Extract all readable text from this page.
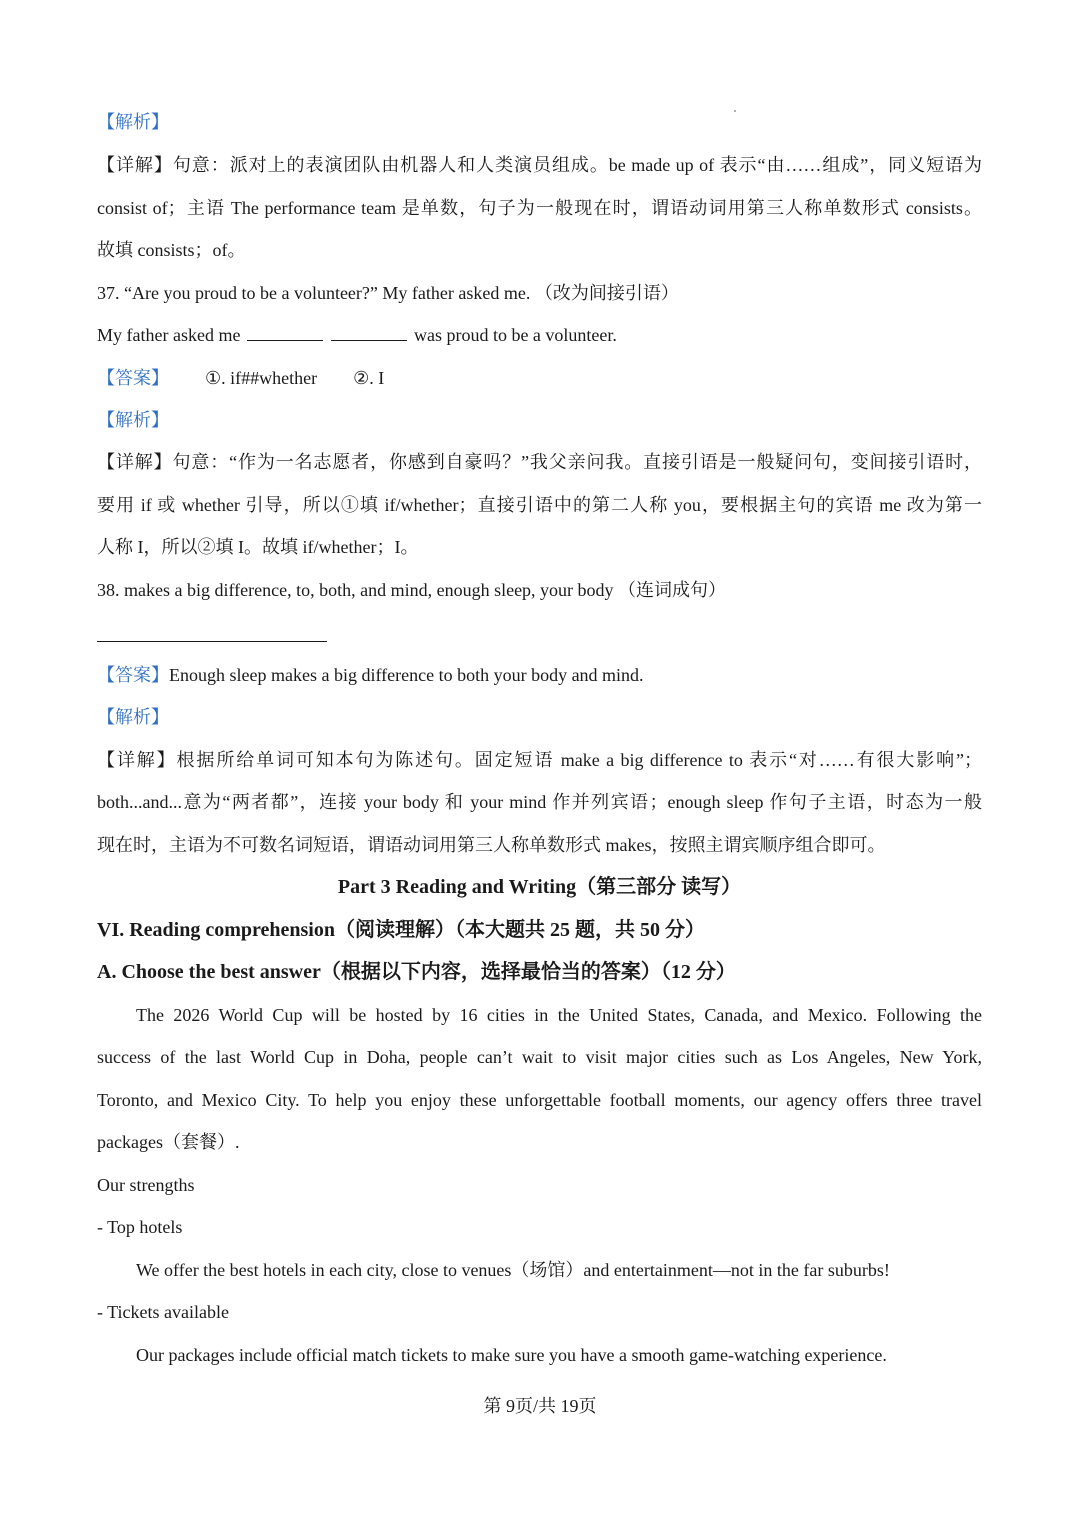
【解析】
【详解】句意：派对上的表演团队由机器人和人类演员组成。be made up of 表示“由……组成”，同义短语为
consist of；主语 The performance team 是单数，句子为一般现在时，谓语动词用第三人称单数形式 consists。
故填 consists；of。
37. “Are you proud to be a volunteer?” My father asked me. （改为间接引语）
My father asked me	was proud to be a volunteer.
【答案】 ①. if##whether ②. I
【解析】
【详解】句意：“作为一名志愿者，你感到自豪吗？”我父亲问我。直接引语是一般疑问句，变间接引语时，
要用 if 或 whether 引导，所以①填 if/whether；直接引语中的第二人称 you，要根据主句的宾语 me 改为第一
人称 I，所以②填 I。故填 if/whether；I。
38. makes a big difference, to, both, and mind, enough sleep, your body （连词成句）
【答案】Enough sleep makes a big difference to both your body and mind.
【解析】
【详解】根据所给单词可知本句为陈述句。固定短语 make a big difference to 表示“对……有很大影响”；
both...and...意为“两者都”，连接 your body 和 your mind 作并列宾语；enough sleep 作句子主语，时态为一般
现在时，主语为不可数名词短语，谓语动词用第三人称单数形式 makes，按照主谓宾顺序组合即可。
Part 3 Reading and Writing（第三部分 读写）
VI. Reading comprehension（阅读理解）（本大题共 25 题，共 50 分）
A. Choose the best answer（根据以下内容，选择最恰当的答案）（12 分）
The 2026 World Cup will be hosted by 16 cities in the United States, Canada, and Mexico. Following the
success of the last World Cup in Doha, people can’t wait to visit major cities such as Los Angeles, New York,
Toronto, and Mexico City. To help you enjoy these unforgettable football moments, our agency offers three travel
packages（套餐）.
Our strengths
- Top hotels
We offer the best hotels in each city, close to venues（场馆）and entertainment—not in the far suburbs!
- Tickets available
Our packages include official match tickets to make sure you have a smooth game-watching experience.
第 9页/共 19页
